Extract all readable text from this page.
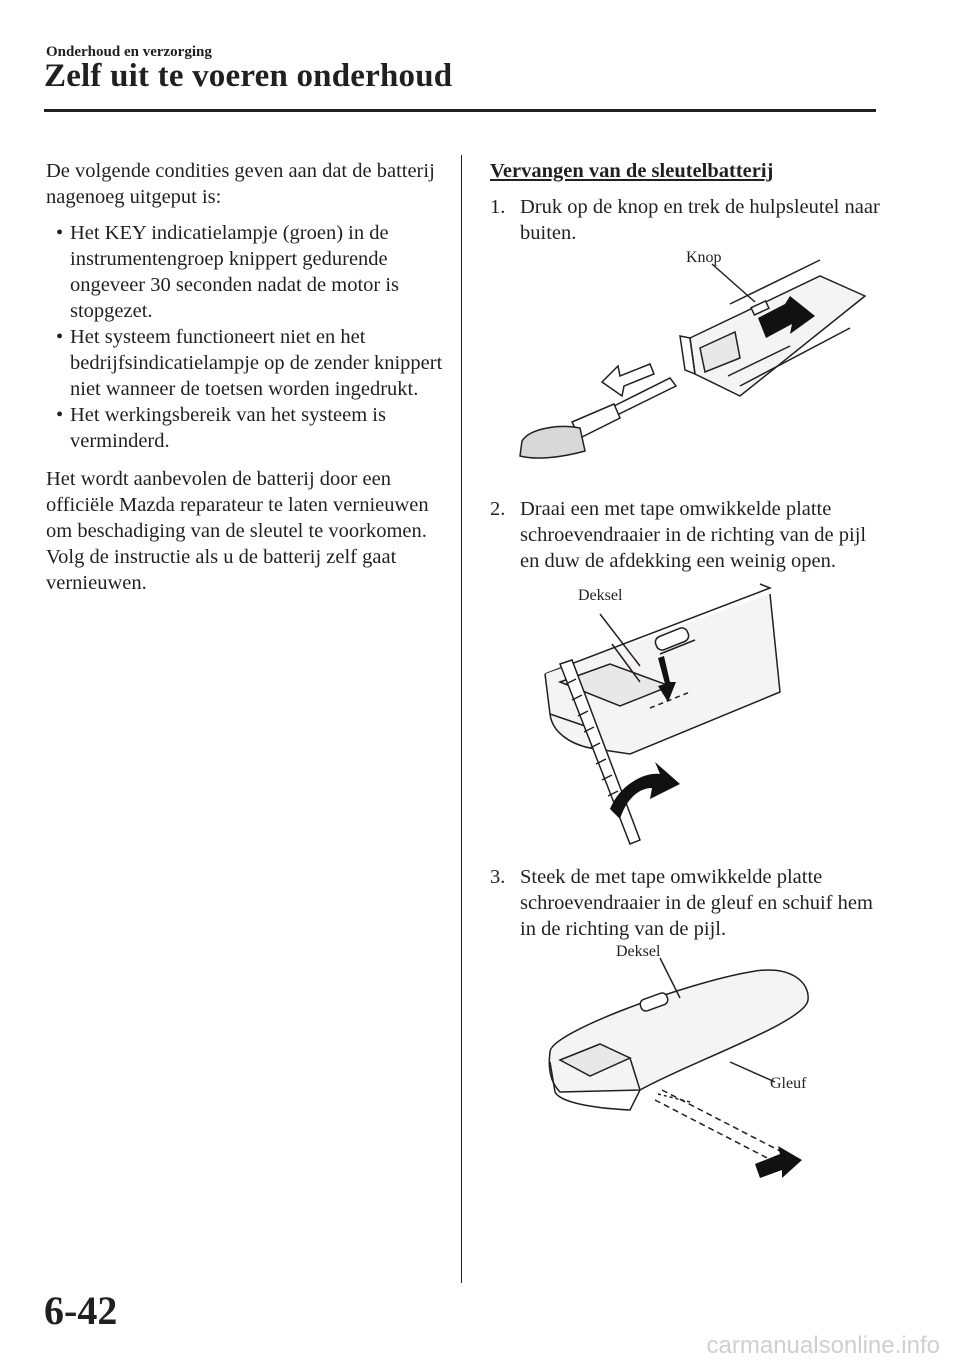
Onderhoud en verzorging
Zelf uit te voeren onderhoud

De volgende condities geven aan dat de batterij nagenoeg uitgeput is:

• Het KEY indicatielampje (groen) in de instrumentengroep knippert gedurende ongeveer 30 seconden nadat de motor is stopgezet.
• Het systeem functioneert niet en het bedrijfsindicatielampje op de zender knippert niet wanneer de toetsen worden ingedrukt.
• Het werkingsbereik van het systeem is verminderd.

Het wordt aanbevolen de batterij door een officiële Mazda reparateur te laten vernieuwen om beschadiging van de sleutel te voorkomen. Volg de instructie als u de batterij zelf gaat vernieuwen.

Vervangen van de sleutelbatterij
1. Druk op de knop en trek de hulpsleutel naar buiten.
Knop
2. Draai een met tape omwikkelde platte schroevendraaier in de richting van de pijl en duw de afdekking een weinig open.
Deksel
3. Steek de met tape omwikkelde platte schroevendraaier in de gleuf en schuif hem in de richting van de pijl.
Deksel
Gleuf
6-42
carmanualsonline.info
